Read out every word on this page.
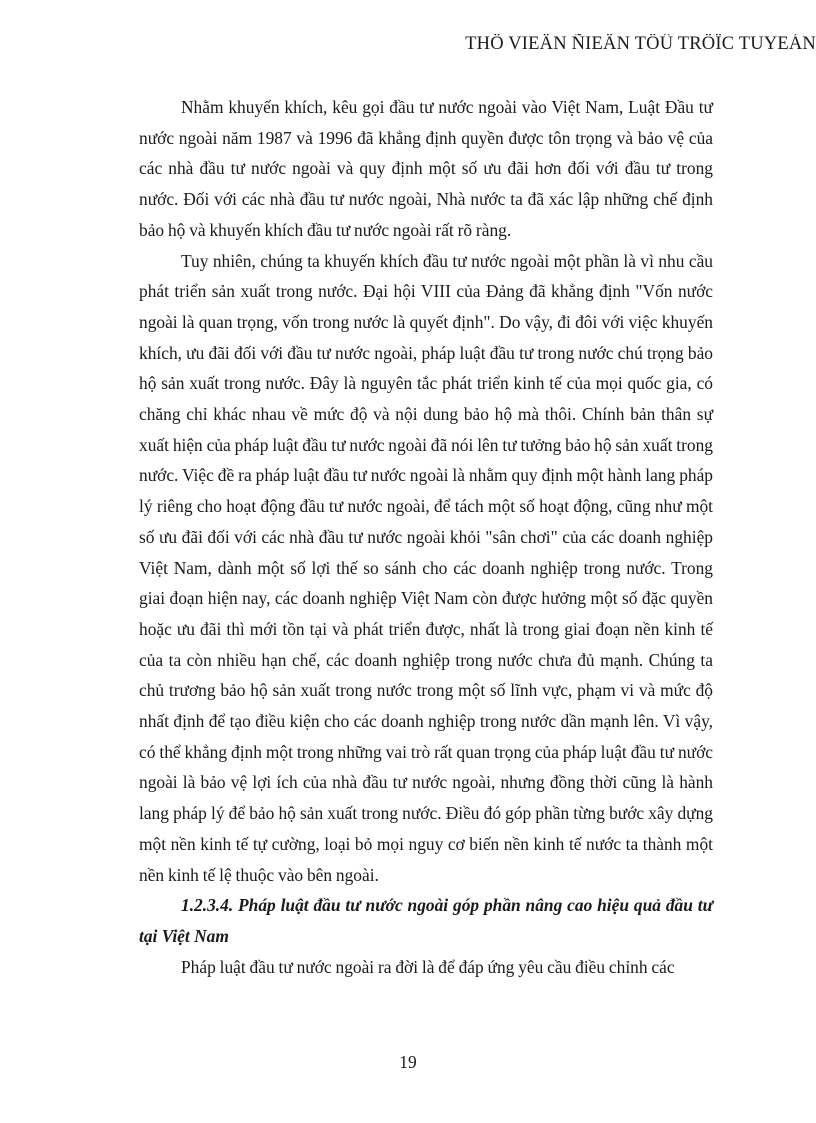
THÖ VIEÄN ÑIEÄN TÖÛ TRÖÏC TUYEÁN

Nhằm khuyến khích, kêu gọi đầu tư nước ngoài vào Việt Nam, Luật Đầu tư nước ngoài năm 1987 và 1996 đã khẳng định quyền được tôn trọng và bảo vệ của các nhà đầu tư nước ngoài và quy định một số ưu đãi hơn đối với đầu tư trong nước. Đối với các nhà đầu tư nước ngoài, Nhà nước ta đã xác lập những chế định bảo hộ và khuyến khích đầu tư nước ngoài rất rõ ràng.

Tuy nhiên, chúng ta khuyến khích đầu tư nước ngoài một phần là vì nhu cầu phát triển sản xuất trong nước. Đại hội VIII của Đảng đã khẳng định "Vốn nước ngoài là quan trọng, vốn trong nước là quyết định". Do vậy, đi đôi với việc khuyến khích, ưu đãi đối với đầu tư nước ngoài, pháp luật đầu tư trong nước chú trọng bảo hộ sản xuất trong nước. Đây là nguyên tắc phát triển kinh tế của mọi quốc gia, có chăng chỉ khác nhau về mức độ và nội dung bảo hộ mà thôi. Chính bản thân sự xuất hiện của pháp luật đầu tư nước ngoài đã nói lên tư tưởng bảo hộ sản xuất trong nước. Việc đề ra pháp luật đầu tư nước ngoài là nhằm quy định một hành lang pháp lý riêng cho hoạt động đầu tư nước ngoài, để tách một số hoạt động, cũng như một số ưu đãi đối với các nhà đầu tư nước ngoài khỏi "sân chơi" của các doanh nghiệp Việt Nam, dành một số lợi thế so sánh cho các doanh nghiệp trong nước. Trong giai đoạn hiện nay, các doanh nghiệp Việt Nam còn được hưởng một số đặc quyền hoặc ưu đãi thì mới tồn tại và phát triển được, nhất là trong giai đoạn nền kinh tế của ta còn nhiều hạn chế, các doanh nghiệp trong nước chưa đủ mạnh. Chúng ta chủ trương bảo hộ sản xuất trong nước trong một số lĩnh vực, phạm vi và mức độ nhất định để tạo điều kiện cho các doanh nghiệp trong nước dần mạnh lên. Vì vậy, có thể khẳng định một trong những vai trò rất quan trọng của pháp luật đầu tư nước ngoài là bảo vệ lợi ích của nhà đầu tư nước ngoài, nhưng đồng thời cũng là hành lang pháp lý để bảo hộ sản xuất trong nước. Điều đó góp phần từng bước xây dựng một nền kinh tế tự cường, loại bỏ mọi nguy cơ biến nền kinh tế nước ta thành một nền kinh tế lệ thuộc vào bên ngoài.

1.2.3.4. Pháp luật đầu tư nước ngoài góp phần nâng cao hiệu quả đầu tư tại Việt Nam

Pháp luật đầu tư nước ngoài ra đời là để đáp ứng yêu cầu điều chỉnh các

19
